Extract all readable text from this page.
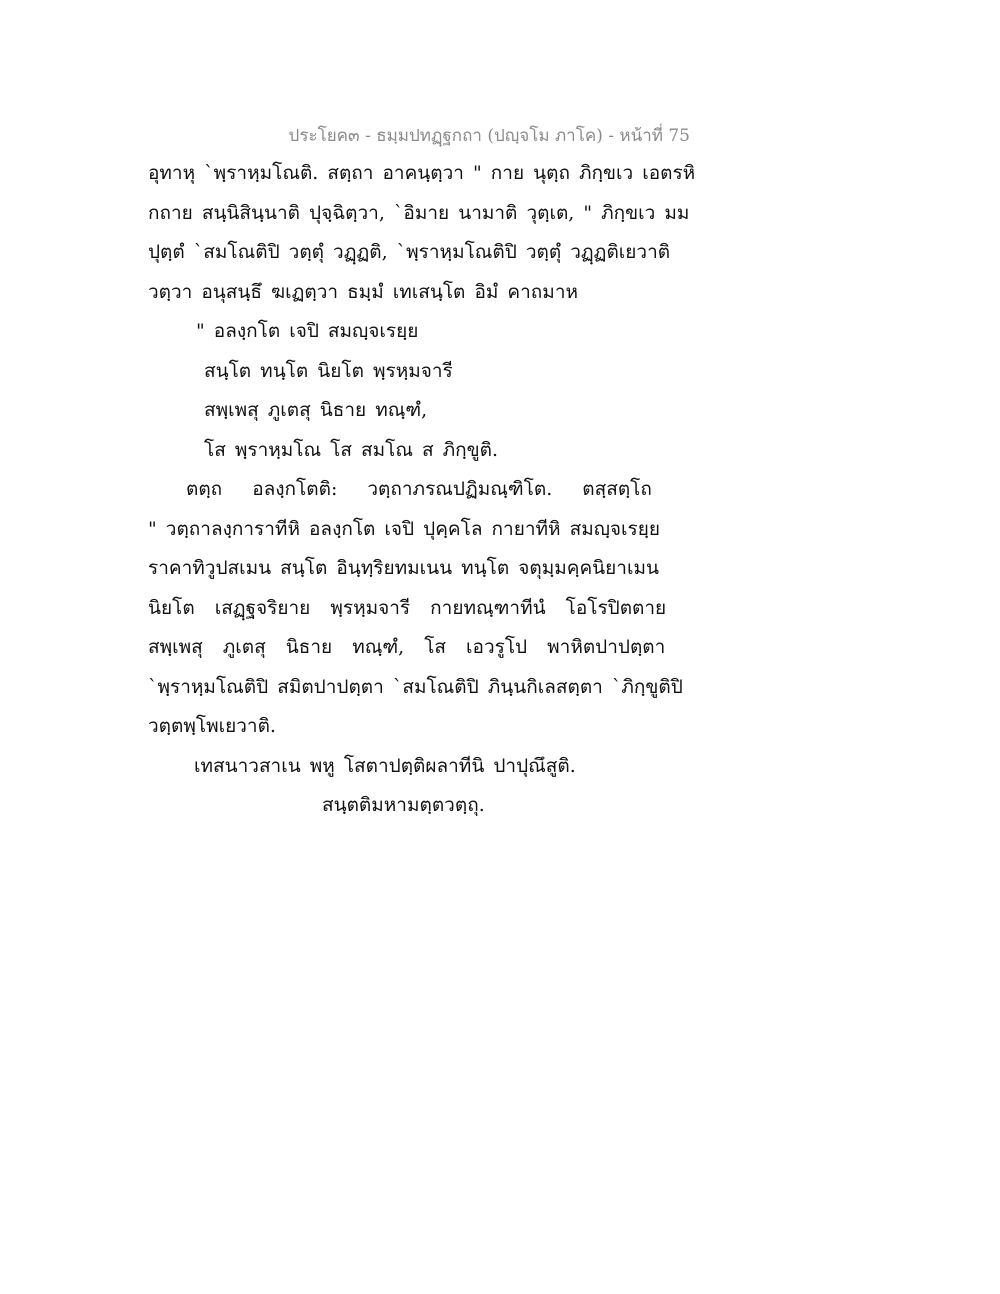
ประโยค๓ - ธมฺมปทฏฺฐกถา (ปญฺจโม ภาโค) - หน้าที่ 75
อุทาหุ `พฺราหฺมโณติ. สตฺถา อาคนฺตฺวา " กาย นุตฺถ ภิกฺขเว เอตรหิ
กถาย สนฺนิสินฺนาติ ปุจฺฉิตฺวา, `อิมาย นามาติ วุตฺเต, " ภิกฺขเว มม
ปุตฺตํ `สมโณติปิ วตฺตุํ วฏฺฏติ, `พฺราหฺมโณติปิ วตฺตุํ วฏฺฏติเยวาติ
วตฺวา อนุสนฺธึ ฆเฏตฺวา ธมฺมํ เทเสนฺโต อิมํ คาถมาห
" อลงฺกโต เจปิ สมญฺจเรยฺย
สนฺโต ทนฺโต นิยโต พฺรหฺมจารี
สพฺเพสุ ภูเตสุ นิธาย ทณฺฑํ,
โส พฺราหฺมโณ โส สมโณ ส ภิกฺขูติ.
ตตฺถ อลงฺกโตติ: วตฺถาภรณปฏิมณฺฑิโต. ตสฺสตฺโถ
" วตฺถาลงฺการาทีหิ อลงฺกโต เจปิ ปุคฺคโล กายาทีหิ สมญฺจเรยฺย
ราคาทิวูปสเมน สนฺโต อินฺทฺริยทมเนน ทนฺโต จตุมฺมคฺคนิยาเมน
นิยโต เสฏฺฐจริยาย พฺรหฺมจารี กายทณฺฑาทีนํ โอโรปิตตาย
สพฺเพสุ ภูเตสุ นิธาย ทณฺฑํ, โส เอวรูโป พาหิตปาปตฺตา
`พฺราหฺมโณติปิ สมิตปาปตฺตา `สมโณติปิ ภินฺนกิเลสตฺตา `ภิกฺขูติปิ
วตฺตพฺโพเยวาติ.
เทสนาวสาเน พหู โสตาปตฺติผลาทีนิ ปาปุณึสูติ.
สนฺตติมหามตฺตวตฺถุ.
